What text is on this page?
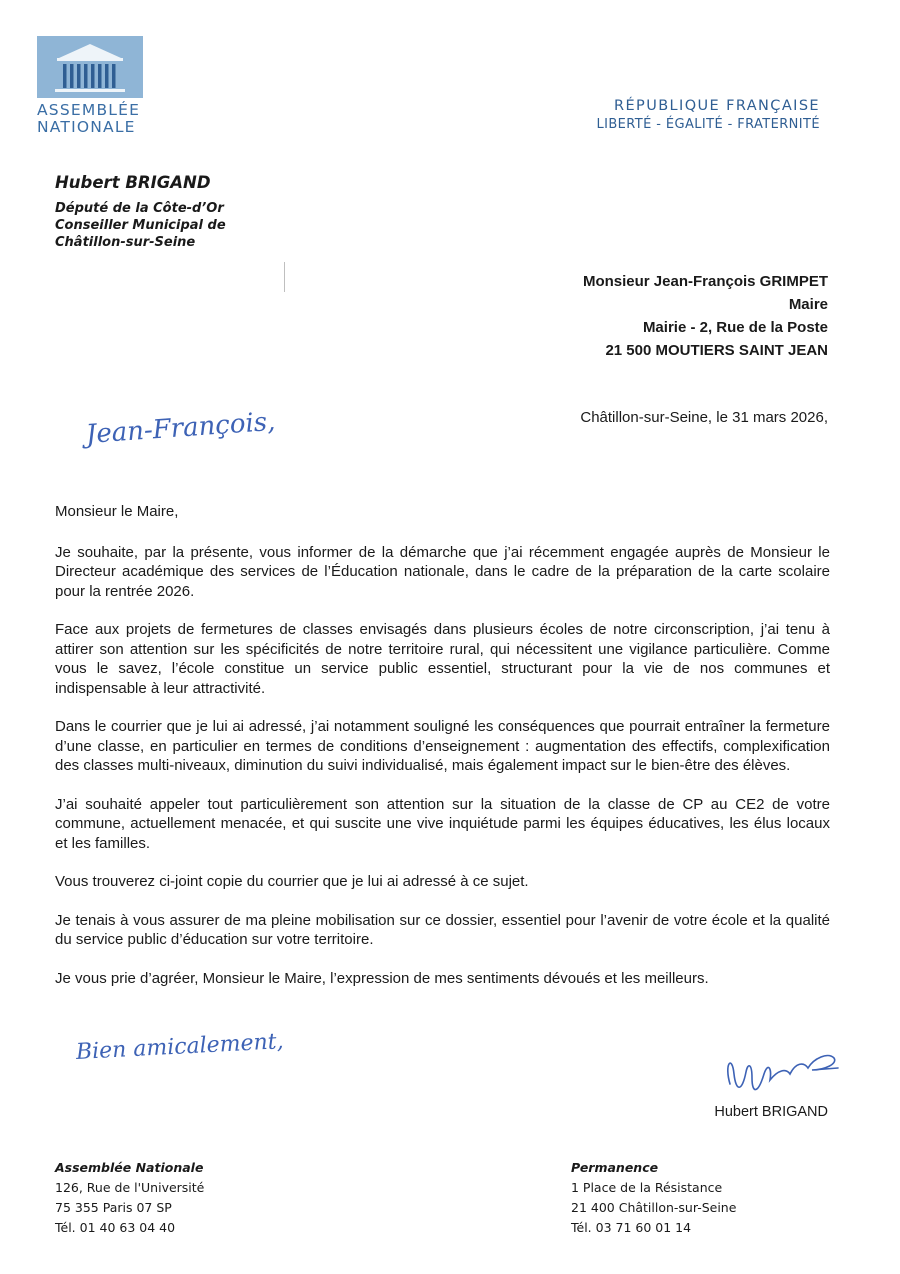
ASSEMBLÉE
NATIONALE
RÉPUBLIQUE FRANÇAISE
LIBERTÉ - ÉGALITÉ - FRATERNITÉ
Hubert BRIGAND
Député de la Côte-d’Or
Conseiller Municipal de
Châtillon-sur-Seine
Monsieur Jean-François GRIMPET
Maire
Mairie - 2, Rue de la Poste
21 500 MOUTIERS SAINT JEAN
Châtillon-sur-Seine, le 31 mars 2026,
Jean-François,

Monsieur le Maire,

Je souhaite, par la présente, vous informer de la démarche que j’ai récemment engagée auprès de Monsieur le Directeur académique des services de l’Éducation nationale, dans le cadre de la préparation de la carte scolaire pour la rentrée 2026.

Face aux projets de fermetures de classes envisagés dans plusieurs écoles de notre circonscription, j’ai tenu à attirer son attention sur les spécificités de notre territoire rural, qui nécessitent une vigilance particulière. Comme vous le savez, l’école constitue un service public essentiel, structurant pour la vie de nos communes et indispensable à leur attractivité.

Dans le courrier que je lui ai adressé, j’ai notamment souligné les conséquences que pourrait entraîner la fermeture d’une classe, en particulier en termes de conditions d’enseignement : augmentation des effectifs, complexification des classes multi-niveaux, diminution du suivi individualisé, mais également impact sur le bien-être des élèves.

J’ai souhaité appeler tout particulièrement son attention sur la situation de la classe de CP au CE2 de votre commune, actuellement menacée, et qui suscite une vive inquiétude parmi les équipes éducatives, les élus locaux et les familles.

Vous trouverez ci-joint copie du courrier que je lui ai adressé à ce sujet.

Je tenais à vous assurer de ma pleine mobilisation sur ce dossier, essentiel pour l’avenir de votre école et la qualité du service public d’éducation sur votre territoire.

Je vous prie d’agréer, Monsieur le Maire, l’expression de mes sentiments dévoués et les meilleurs.

Bien amicalement,
Hubert BRIGAND
Assemblée Nationale
126, Rue de l'Université
75 355 Paris 07 SP
Tél. 01 40 63 04 40
Permanence
1 Place de la Résistance
21 400 Châtillon-sur-Seine
Tél. 03 71 60 01 14
